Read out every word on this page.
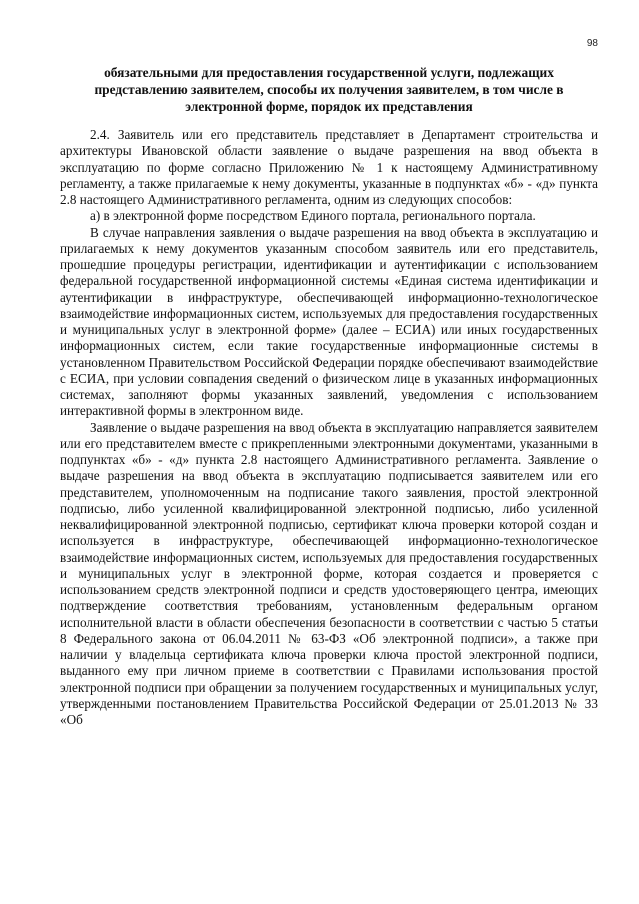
98
обязательными для предоставления государственной услуги, подлежащих представлению заявителем, способы их получения заявителем, в том числе в электронной форме, порядок их представления

2.4. Заявитель или его представитель представляет в Департамент строительства и архитектуры Ивановской области заявление о выдаче разрешения на ввод объекта в эксплуатацию по форме согласно Приложению № 1 к настоящему Административному регламенту, а также прилагаемые к нему документы, указанные в подпунктах «б» - «д» пункта 2.8 настоящего Административного регламента, одним из следующих способов:

а) в электронной форме посредством Единого портала, регионального портала.

В случае направления заявления о выдаче разрешения на ввод объекта в эксплуатацию и прилагаемых к нему документов указанным способом заявитель или его представитель, прошедшие процедуры регистрации, идентификации и аутентификации с использованием федеральной государственной информационной системы «Единая система идентификации и аутентификации в инфраструктуре, обеспечивающей информационно-технологическое взаимодействие информационных систем, используемых для предоставления государственных и муниципальных услуг в электронной форме» (далее – ЕСИА) или иных государственных информационных систем, если такие государственные информационные системы в установленном Правительством Российской Федерации порядке обеспечивают взаимодействие с ЕСИА, при условии совпадения сведений о физическом лице в указанных информационных системах, заполняют формы указанных заявлений, уведомления с использованием интерактивной формы в электронном виде.

Заявление о выдаче разрешения на ввод объекта в эксплуатацию направляется заявителем или его представителем вместе с прикрепленными электронными документами, указанными в подпунктах «б» - «д» пункта 2.8 настоящего Административного регламента. Заявление о выдаче разрешения на ввод объекта в эксплуатацию подписывается заявителем или его представителем, уполномоченным на подписание такого заявления, простой электронной подписью, либо усиленной квалифицированной электронной подписью, либо усиленной неквалифицированной электронной подписью, сертификат ключа проверки которой создан и используется в инфраструктуре, обеспечивающей информационно-технологическое взаимодействие информационных систем, используемых для предоставления государственных и муниципальных услуг в электронной форме, которая создается и проверяется с использованием средств электронной подписи и средств удостоверяющего центра, имеющих подтверждение соответствия требованиям, установленным федеральным органом исполнительной власти в области обеспечения безопасности в соответствии с частью 5 статьи 8 Федерального закона от 06.04.2011 № 63-ФЗ «Об электронной подписи», а также при наличии у владельца сертификата ключа проверки ключа простой электронной подписи, выданного ему при личном приеме в соответствии с Правилами использования простой электронной подписи при обращении за получением государственных и муниципальных услуг, утвержденными постановлением Правительства Российской Федерации от 25.01.2013 № 33 «Об
